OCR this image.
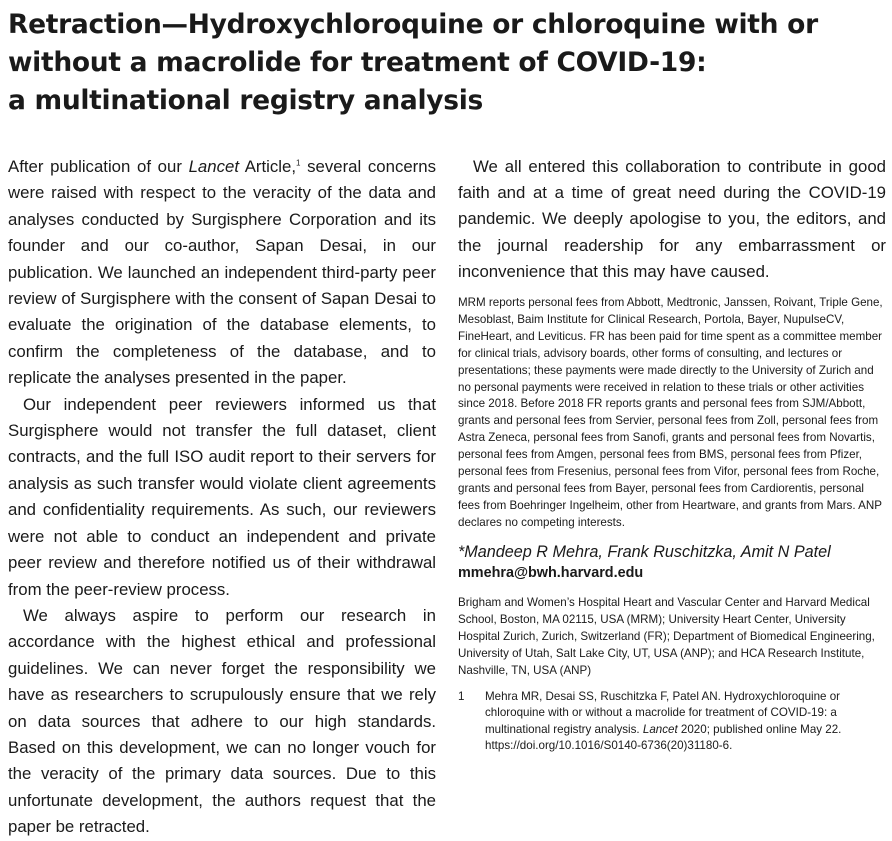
Retraction—Hydroxychloroquine or chloroquine with or
without a macrolide for treatment of COVID-19:
a multinational registry analysis

After publication of our Lancet Article,$^1$ several concerns were raised with respect to the veracity of the data and analyses conducted by Surgisphere Corporation and its founder and our co-author, Sapan Desai, in our publication. We launched an independent third-party peer review of Surgisphere with the consent of Sapan Desai to evaluate the origination of the database elements, to confirm the completeness of the database, and to replicate the analyses presented in the paper.

Our independent peer reviewers informed us that Surgisphere would not transfer the full dataset, client contracts, and the full ISO audit report to their servers for analysis as such transfer would violate client agreements and confidentiality requirements. As such, our reviewers were not able to conduct an independent and private peer review and therefore notified us of their withdrawal from the peer-review process.

We always aspire to perform our research in accordance with the highest ethical and professional guidelines. We can never forget the responsibility we have as researchers to scrupulously ensure that we rely on data sources that adhere to our high standards. Based on this development, we can no longer vouch for the veracity of the primary data sources. Due to this unfortunate development, the authors request that the paper be retracted.

We all entered this collaboration to contribute in good faith and at a time of great need during the COVID-19 pandemic. We deeply apologise to you, the editors, and the journal readership for any embarrassment or inconvenience that this may have caused.

MRM reports personal fees from Abbott, Medtronic, Janssen, Roivant, Triple Gene, Mesoblast, Baim Institute for Clinical Research, Portola, Bayer, NupulseCV, FineHeart, and Leviticus. FR has been paid for time spent as a committee member for clinical trials, advisory boards, other forms of consulting, and lectures or presentations; these payments were made directly to the University of Zurich and no personal payments were received in relation to these trials or other activities since 2018. Before 2018 FR reports grants and personal fees from SJM/Abbott, grants and personal fees from Servier, personal fees from Zoll, personal fees from Astra Zeneca, personal fees from Sanofi, grants and personal fees from Novartis, personal fees from Amgen, personal fees from BMS, personal fees from Pfizer, personal fees from Fresenius, personal fees from Vifor, personal fees from Roche, grants and personal fees from Bayer, personal fees from Cardiorentis, personal fees from Boehringer Ingelheim, other from Heartware, and grants from Mars. ANP declares no competing interests.

*Mandeep R Mehra, Frank Ruschitzka, Amit N Patel

mmehra@bwh.harvard.edu

Brigham and Women’s Hospital Heart and Vascular Center and Harvard Medical School, Boston, MA 02115, USA (MRM); University Heart Center, University Hospital Zurich, Zurich, Switzerland (FR); Department of Biomedical Engineering, University of Utah, Salt Lake City, UT, USA (ANP); and HCA Research Institute, Nashville, TN, USA (ANP)

1 Mehra MR, Desai SS, Ruschitzka F, Patel AN. Hydroxychloroquine or chloroquine with or without a macrolide for treatment of COVID-19: a multinational registry analysis. Lancet 2020; published online May 22. https://doi.org/10.1016/S0140-6736(20)31180-6.
